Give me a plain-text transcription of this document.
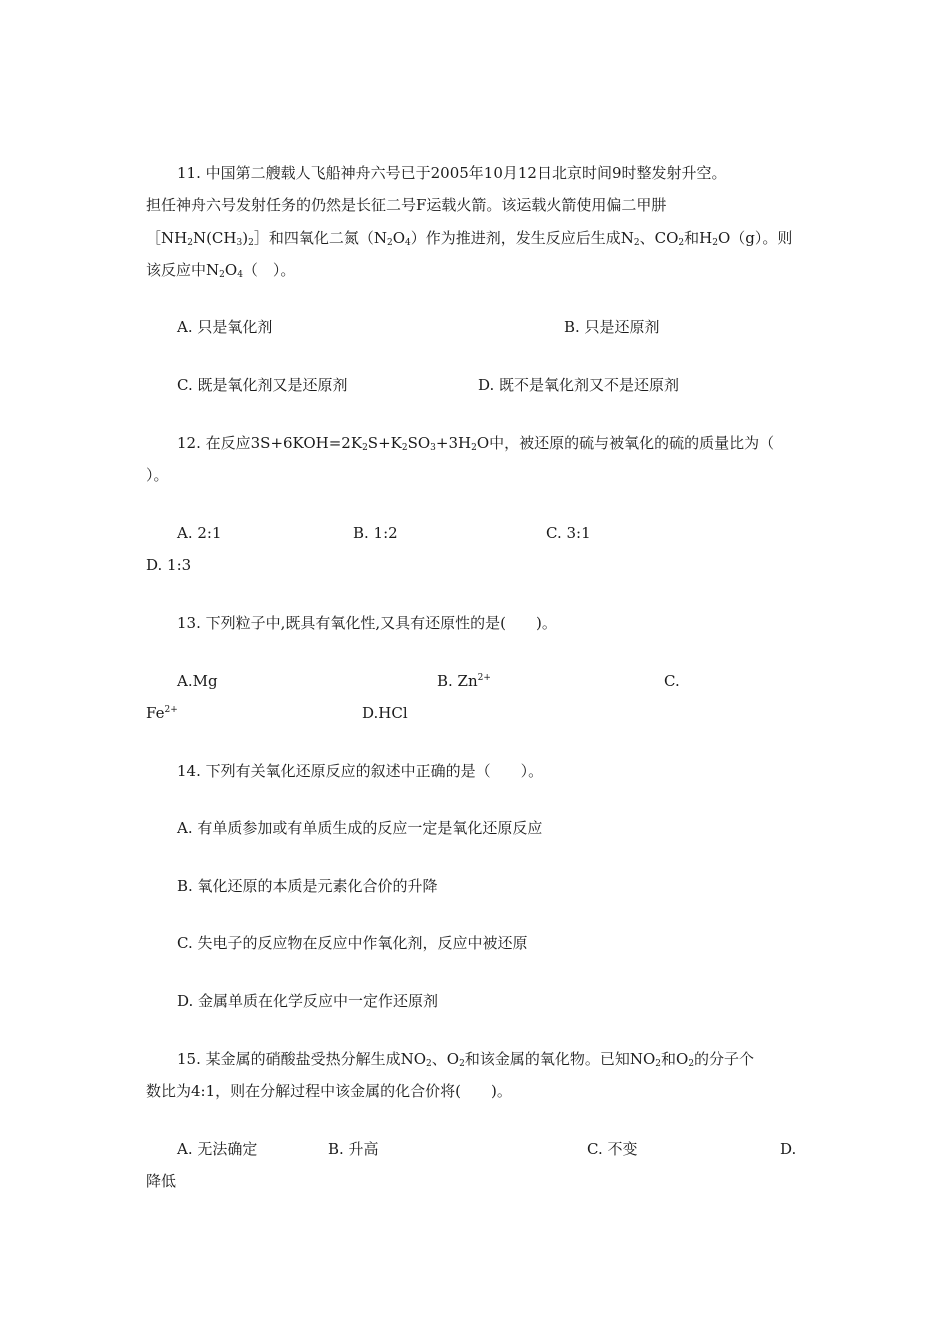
11. 中国第二艘载人飞船神舟六号已于2005年10月12日北京时间9时整发射升空。
担任神舟六号发射任务的仍然是长征二号F运载火箭。该运载火箭使用偏二甲肼
$[NH_2N(CH_3)_2]$和四氧化二氮$(N_2O_4)$作为推进剂，发生反应后生成$N_2$、$CO_2$和$H_2O(g)$。则
该反应中$N_2O_4$（　）。
A. 只是氧化剂	B. 只是还原剂
C. 既是氧化剂又是还原剂	D. 既不是氧化剂又不是还原剂
12. 在反应$3S+6KOH=2K_2S+K_2SO_3+3H_2O$中，被还原的硫与被氧化的硫的质量比为（
）。
A. 2:1	B. 1:2	C. 3:1
D. 1:3
13. 下列粒子中,既具有氧化性,又具有还原性的是(　　)。
A.Mg	B. $Zn^{2+}$	C.
$Fe^{2+}$	D.HCl
14. 下列有关氧化还原反应的叙述中正确的是（　　）。
A. 有单质参加或有单质生成的反应一定是氧化还原反应
B. 氧化还原的本质是元素化合价的升降
C. 失电子的反应物在反应中作氧化剂，反应中被还原
D. 金属单质在化学反应中一定作还原剂
15. 某金属的硝酸盐受热分解生成$NO_2$、$O_2$和该金属的氧化物。已知$NO_2$和$O_2$的分子个
数比为4:1，则在分解过程中该金属的化合价将(　　)。
A. 无法确定	B. 升高	C. 不变	D.
降低
